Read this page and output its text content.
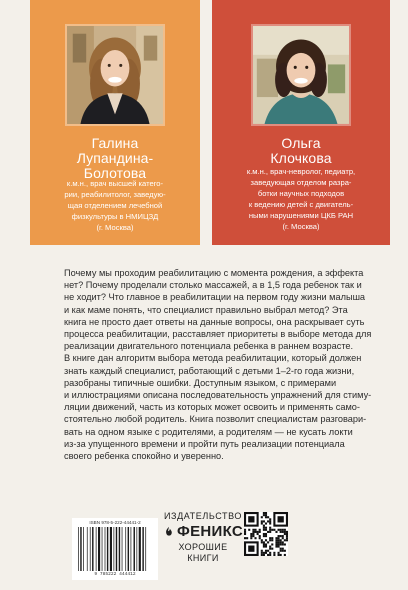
Галина
Лупандина-
Болотова
к.м.н., врач высшей катего-
рии, реабилитолог, заведую-
щая отделением лечебной
физкультуры в НМИЦЗД
(г. Москва)
Ольга
Клочкова
к.м.н., врач-невролог, педиатр,
заведующая отделом разра-
ботки научных подходов
к ведению детей с двигатель-
ными нарушениями ЦКБ РАН
(г. Москва)
Почему мы проходим реабилитацию с момента рождения, а эффекта
нет? Почему проделали столько массажей, а в 1,5 года ребенок так и
не ходит? Что главное в реабилитации на первом году жизни малыша
и как маме понять, что специалист правильно выбрал метод? Эта
книга не просто дает ответы на данные вопросы, она раскрывает суть
процесса реабилитации, расставляет приоритеты в выборе метода для
реализации двигательного потенциала ребенка в раннем возрасте.
В книге дан алгоритм выбора метода реабилитации, который должен
знать каждый специалист, работающий с детьми 1–2-го года жизни,
разобраны типичные ошибки. Доступным языком, с примерами
и иллюстрациями описана последовательность упражнений для стиму-
ляции движений, часть из которых может освоить и применять само-
стоятельно любой родитель. Книга позволит специалистам разговари-
вать на одном языке с родителями, а родителям — не кусать локти
из-за упущенного времени и пройти путь реализации потенциала
своего ребенка спокойно и уверенно.
ISBN 978-5-222-44441-2
9 785222 444412
ИЗДАТЕЛЬСТВО
ФЕНИКС
ХОРОШИЕ КНИГИ
